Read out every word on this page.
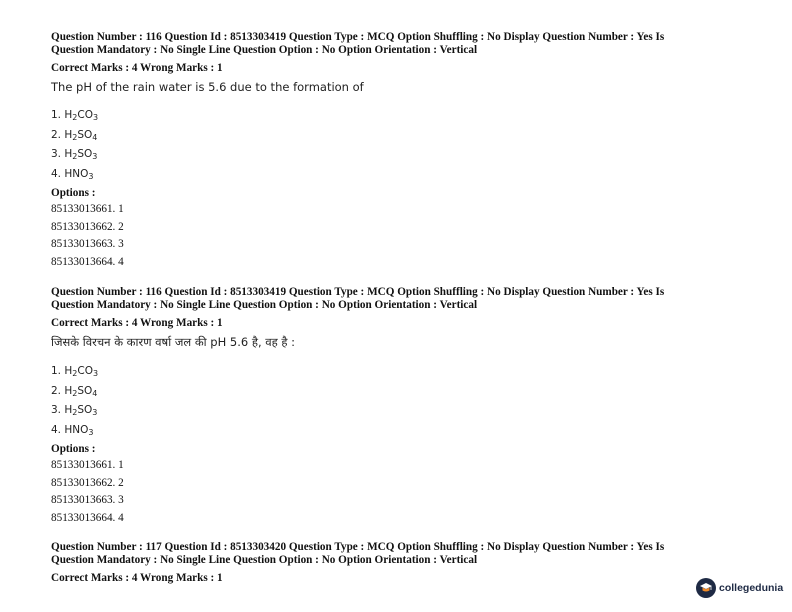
Question Number : 116 Question Id : 8513303419 Question Type : MCQ Option Shuffling : No Display Question Number : Yes Is

Question Mandatory : No Single Line Question Option : No Option Orientation : Vertical

Correct Marks : 4 Wrong Marks : 1
The pH of the rain water is 5.6 due to the formation of
1. $H_2CO_3$
2. $H_2SO_4$
3. $H_2SO_3$
4. $HNO_3$
Options :
85133013661. 1
85133013662. 2
85133013663. 3
85133013664. 4

Question Number : 116 Question Id : 8513303419 Question Type : MCQ Option Shuffling : No Display Question Number : Yes Is

Question Mandatory : No Single Line Question Option : No Option Orientation : Vertical

Correct Marks : 4 Wrong Marks : 1
जिसके विरचन के कारण वर्षा जल की pH 5.6 है, वह है :
1. $H_2CO_3$
2. $H_2SO_4$
3. $H_2SO_3$
4. $HNO_3$
Options :
85133013661. 1
85133013662. 2
85133013663. 3
85133013664. 4

Question Number : 117 Question Id : 8513303420 Question Type : MCQ Option Shuffling : No Display Question Number : Yes Is

Question Mandatory : No Single Line Question Option : No Option Orientation : Vertical

Correct Marks : 4 Wrong Marks : 1
collegedunia
